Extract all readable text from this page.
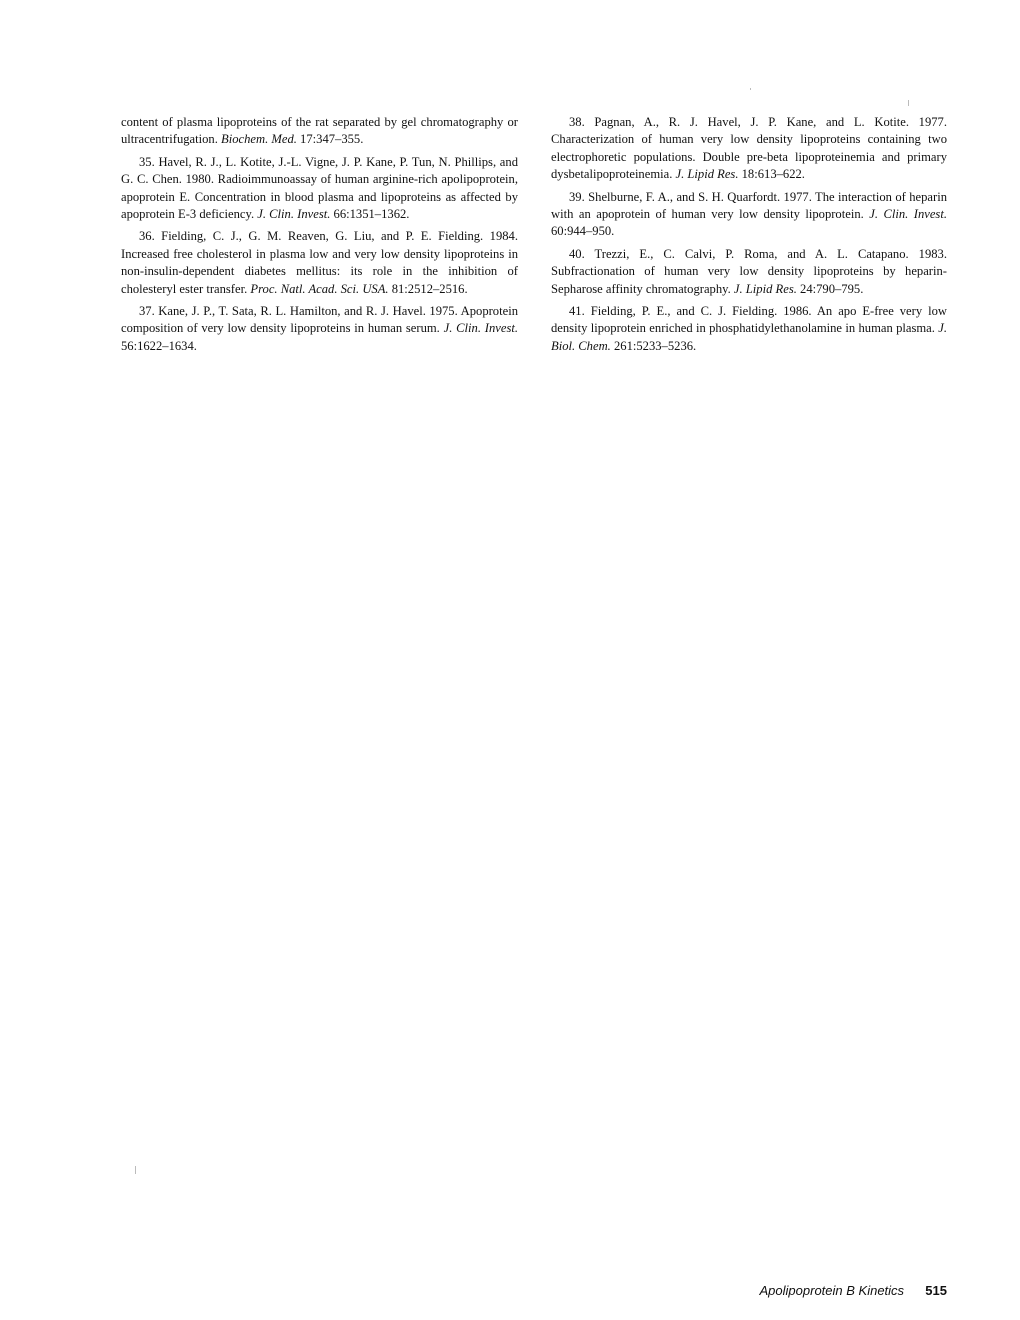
content of plasma lipoproteins of the rat separated by gel chromatography or ultracentrifugation. Biochem. Med. 17:347–355.

35. Havel, R. J., L. Kotite, J.-L. Vigne, J. P. Kane, P. Tun, N. Phillips, and G. C. Chen. 1980. Radioimmunoassay of human arginine-rich apolipoprotein, apoprotein E. Concentration in blood plasma and lipoproteins as affected by apoprotein E-3 deficiency. J. Clin. Invest. 66:1351–1362.

36. Fielding, C. J., G. M. Reaven, G. Liu, and P. E. Fielding. 1984. Increased free cholesterol in plasma low and very low density lipoproteins in non-insulin-dependent diabetes mellitus: its role in the inhibition of cholesteryl ester transfer. Proc. Natl. Acad. Sci. USA. 81:2512–2516.

37. Kane, J. P., T. Sata, R. L. Hamilton, and R. J. Havel. 1975. Apoprotein composition of very low density lipoproteins in human serum. J. Clin. Invest. 56:1622–1634.

38. Pagnan, A., R. J. Havel, J. P. Kane, and L. Kotite. 1977. Characterization of human very low density lipoproteins containing two electrophoretic populations. Double pre-beta lipoproteinemia and primary dysbetalipoproteinemia. J. Lipid Res. 18:613–622.

39. Shelburne, F. A., and S. H. Quarfordt. 1977. The interaction of heparin with an apoprotein of human very low density lipoprotein. J. Clin. Invest. 60:944–950.

40. Trezzi, E., C. Calvi, P. Roma, and A. L. Catapano. 1983. Subfractionation of human very low density lipoproteins by heparin-Sepharose affinity chromatography. J. Lipid Res. 24:790–795.

41. Fielding, P. E., and C. J. Fielding. 1986. An apo E-free very low density lipoprotein enriched in phosphatidylethanolamine in human plasma. J. Biol. Chem. 261:5233–5236.

Apolipoprotein B Kinetics 515
